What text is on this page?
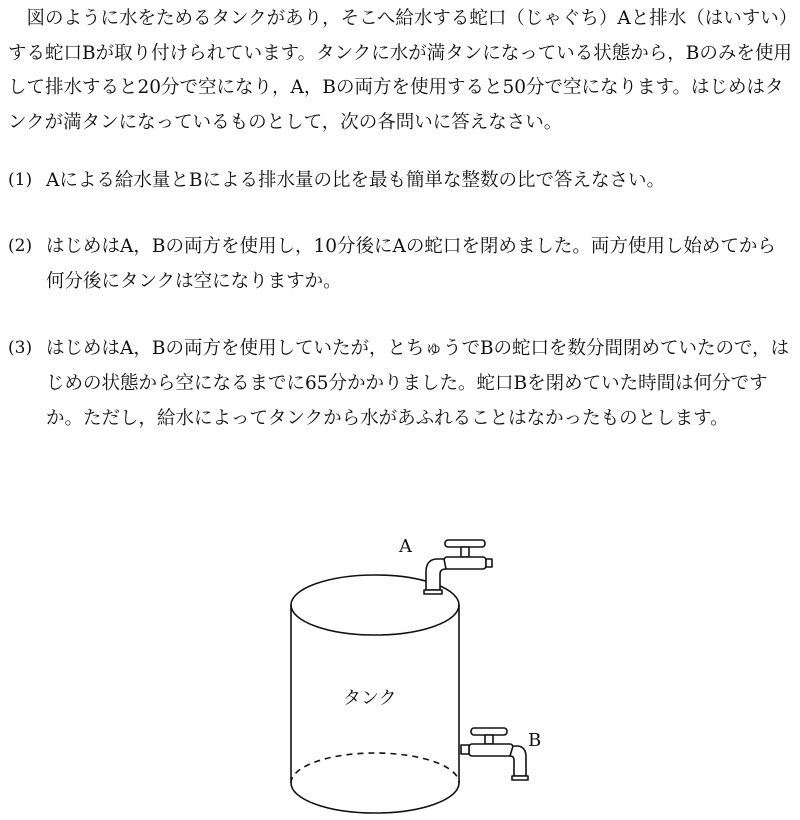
図のように水をためるタンクがあり，そこへ給水する蛇口（じゃぐち）Aと排水（はいすい）する蛇口Bが取り付けられています。タンクに水が満タンになっている状態から，Bのみを使用して排水すると20分で空になり，A，Bの両方を使用すると50分で空になります。はじめはタンクが満タンになっているものとして，次の各問いに答えなさい。

(1) Aによる給水量とBによる排水量の比を最も簡単な整数の比で答えなさい。
(2) はじめはA，Bの両方を使用し，10分後にAの蛇口を閉めました。両方使用し始めてから何分後にタンクは空になりますか。
(3) はじめはA，Bの両方を使用していたが，とちゅうでBの蛇口を数分間閉めていたので，はじめの状態から空になるまでに65分かかりました。蛇口Bを閉めていた時間は何分ですか。ただし，給水によってタンクから水があふれることはなかったものとします。
A
B
タンク
